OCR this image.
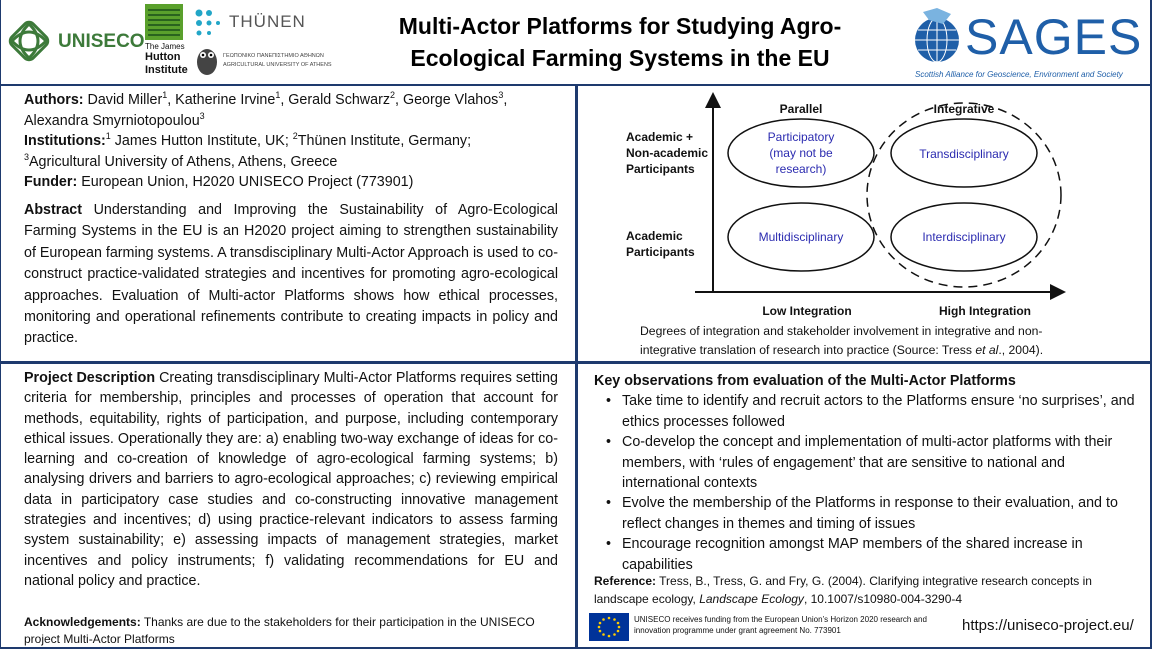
UNISECO The James
Hutton
Institute
THÜNEN
ΓΕΩΠΟΝΙΚΟ ΠΑΝΕΠΙΣΤΗΜΙΟ ΑΘΗΝΩΝ
AGRICULTURAL UNIVERSITY OF ATHENS
Multi-Actor Platforms for Studying Agro-
Ecological Farming Systems in the EU	SAGES
Scottish Alliance for Geoscience, Environment and Society
Authors: David Miller$^1$, Katherine Irvine$^1$, Gerald Schwarz$^2$, George Vlahos$^3$,
Alexandra Smyrniotopoulou$^3$
Institutions:$^1$ James Hutton Institute, UK; $^2$Thünen Institute, Germany;
$^3$Agricultural University of Athens, Athens, Greece
Funder: European Union, H2020 UNISECO Project (773901)
Abstract Understanding and Improving the Sustainability of Agro-Ecological Farming Systems in the EU is an H2020 project aiming to strengthen sustainability of European farming systems. A transdisciplinary Multi-Actor Approach is used to co-construct practice-validated strategies and incentives for promoting agro-ecological approaches. Evaluation of Multi-actor Platforms shows how ethical processes, monitoring and operational refinements contribute to creating impacts in policy and practice.
Parallel	Integrative
Academic +
Non-academic
Participants
Academic
Participants
Low Integration	High Integration
Participatory
(may not be
research)
Transdisciplinary
Multidisciplinary	Interdisciplinary
Degrees of integration and stakeholder involvement in integrative and non-integrative translation of research into practice (Source: Tress et al., 2004).
Project Description Creating transdisciplinary Multi-Actor Platforms requires setting criteria for membership, principles and processes of operation that account for methods, equitability, rights of participation, and purpose, including contemporary ethical issues. Operationally they are: a) enabling two-way exchange of ideas for co-learning and co-creation of knowledge of agro-ecological farming systems; b) analysing drivers and barriers to agro-ecological approaches; c) reviewing empirical data in participatory case studies and co-constructing innovative management strategies and incentives; d) using practice-relevant indicators to assess farming system sustainability; e) assessing impacts of management strategies, market incentives and policy instruments; f) validating recommendations for EU and national policy and practice.
Acknowledgements: Thanks are due to the stakeholders for their participation in the UNISECO project Multi-Actor Platforms
Key observations from evaluation of the Multi-Actor Platforms
• Take time to identify and recruit actors to the Platforms ensure ‘no surprises’, and ethics processes followed
• Co-develop the concept and implementation of multi-actor platforms with their members, with ‘rules of engagement’ that are sensitive to national and international contexts
• Evolve the membership of the Platforms in response to their evaluation, and to reflect changes in themes and timing of issues
• Encourage recognition amongst MAP members of the shared increase in capabilities
Reference: Tress, B., Tress, G. and Fry, G. (2004). Clarifying integrative research concepts in landscape ecology, Landscape Ecology, 10.1007/s10980-004-3290-4
UNISECO receives funding from the European Union’s Horizon 2020 research and innovation programme under grant agreement No. 773901	https://uniseco-project.eu/
